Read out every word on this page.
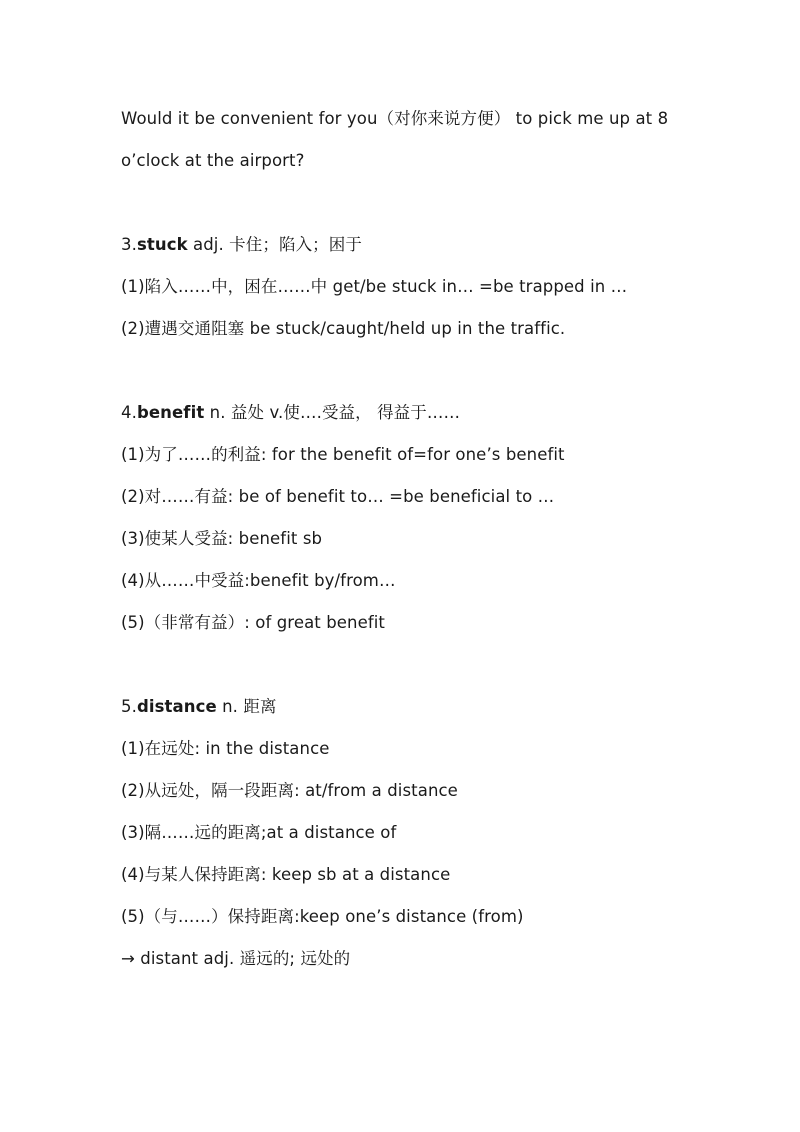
Would it be convenient for you（对你来说方便） to pick me up at 8
o’clock at the airport?
3.stuck adj. 卡住；陷入；困于
(1)陷入……中，困在……中 get/be stuck in… =be trapped in …
(2)遭遇交通阻塞 be stuck/caught/held up in the traffic.
4.benefit n. 益处 v.使….受益， 得益于……
(1)为了……的利益: for the benefit of=for one’s benefit
(2)对……有益: be of benefit to… =be beneficial to …
(3)使某人受益: benefit sb
(4)从……中受益:benefit by/from…
(5)（非常有益）: of great benefit
5.distance n. 距离
(1)在远处: in the distance
(2)从远处，隔一段距离: at/from a distance
(3)隔……远的距离;at a distance of
(4)与某人保持距离: keep sb at a distance
(5)（与……）保持距离:keep one’s distance (from)
→ distant adj. 遥远的; 远处的
